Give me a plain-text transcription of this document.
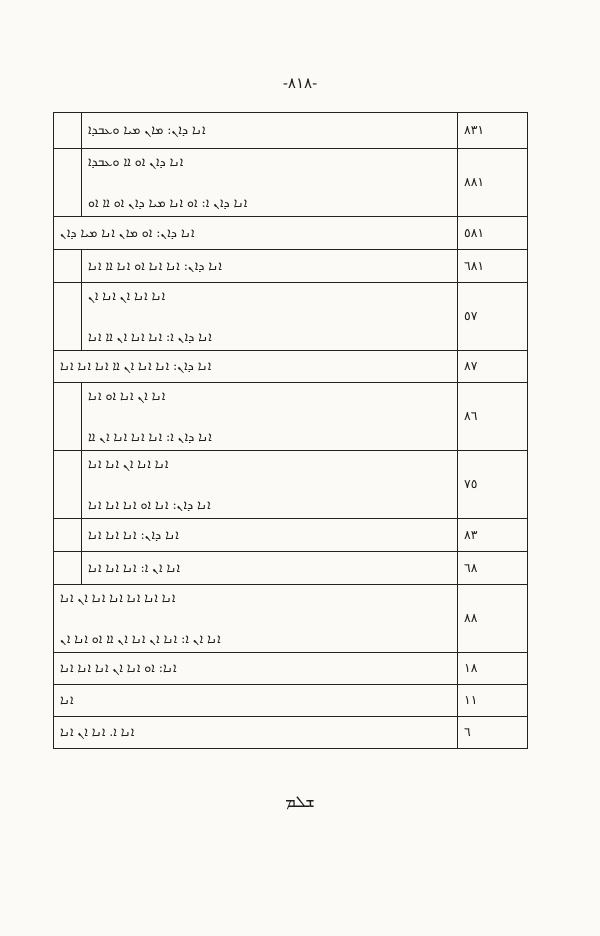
-٨١٨-

	ܐܢܐ ܕܐܢ: ܡܐܢ ܡܝܐ ܘܥܒܕܐ	٨٣١

	ܐܢܐ ܕܐܢ ܐܘ ܐܐ ܘܥܒܕܐ
ܐܢܐ ܕܐܢ ܐ: ܐܘ ܐܢܐ ܡܝܐ ܕܐܢ ܐܘ ܐܐ ܐܘ	٨٨١

ܐܢܐ ܕܐܢ: ܐܘ ܡܐܢ ܐܢܐ ܡܝܐ ܕܐܢ		٥٨١

	ܐܢܐ ܕܐܢ: ܐܢܐ ܐܢܐ ܐܘ ܐܢܐ ܐܐ ܐܢܐ	٦٨١

	ܐܢܐ ܐܢܐ ܐܢ ܐܢܐ ܐܢ
ܐܢܐ ܕܐܢ ܐ: ܐܢܐ ܐܢܐ ܐܢ ܐܐ ܐܢܐ	٥٧

ܐܢܐ ܕܐܢ: ܐܢܐ ܐܢܐ ܐܢ ܐܐ ܐܢܐ ܐܢܐ ܐܢܐ		٨٧

	ܐܢܐ ܐܢ ܐܢܐ ܐܘ ܐܢܐ
ܐܢܐ ܕܐܢ ܐ: ܐܢܐ ܐܢܐ ܐܢܐ ܐܢ ܐܐ	٨٦

	ܐܢܐ ܐܢܐ ܐܢ ܐܢܐ ܐܢܐ
ܐܢܐ ܕܐܢ: ܐܢܐ ܐܘ ܐܢܐ ܐܢܐ ܐܢܐ	٧٥

	ܐܢܐ ܕܐܢ: ܐܢܐ ܐܢܐ ܐܢܐ	٨٣

	ܐܢܐ ܐܢ ܐ: ܐܢܐ ܐܢܐ ܐܢܐ	٦٨

ܐܢܐ ܐܢܐ ܐܢܐ ܐܢܐ ܐܢܐ ܐܢ ܐܢܐ
ܐܢܐ ܐܢ ܐ: ܐܢܐ ܐܢ ܐܢܐ ܐܢ ܐܐ ܐܘ ܐܢܐ ܐܢ		٨٨

ܐܢܐ: ܐܘ ܐܢܐ ܐܢ ܐܢܐ ܐܢܐ ܐܢܐ		١٨

ܐܢܐ		١١

ܐܢܐ ܐ. ܐܢܐ ܐܢ ܐܢܐ		٦
ܫܠܡ
